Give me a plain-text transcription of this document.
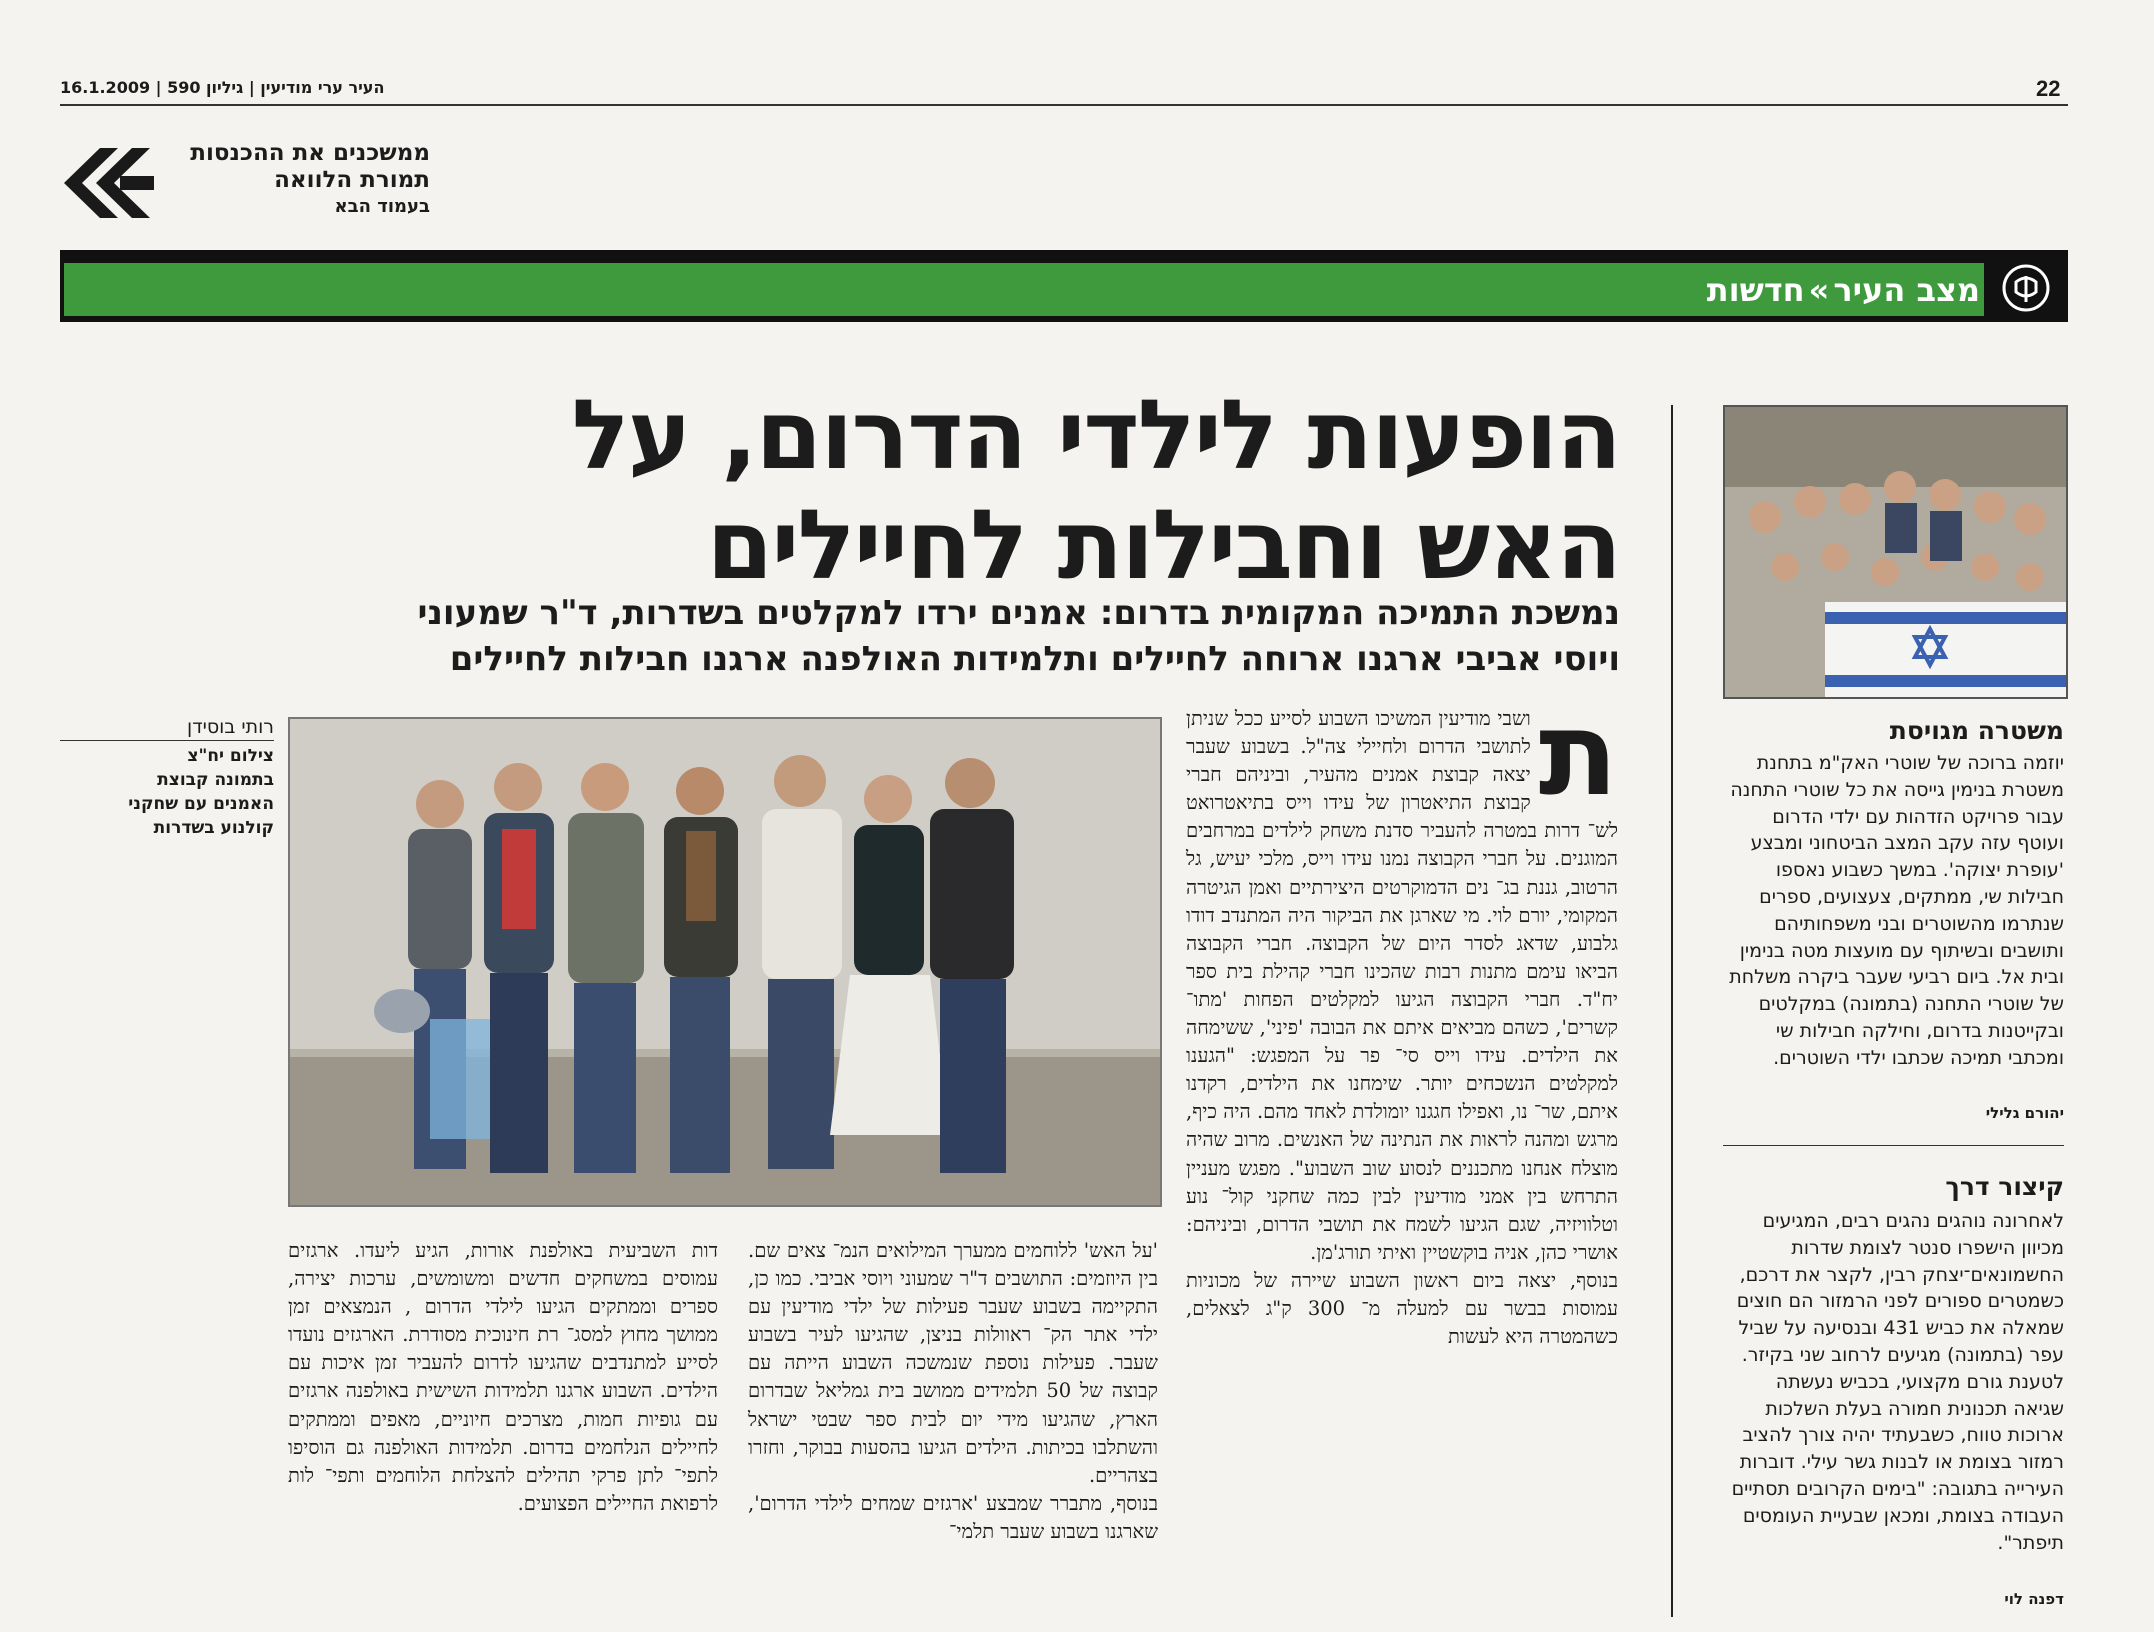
22
העיר ערי מודיעין | גיליון 590 | 16.1.2009
ממשכנים את ההכנסות
תמורת הלוואה
בעמוד הבא
מצב העיר»חדשות
הופעות לילדי הדרום, על
האש וחבילות לחיילים
נמשכת התמיכה המקומית בדרום: אמנים ירדו למקלטים בשדרות, ד"ר שמעוני
ויוסי אביבי ארגנו ארוחה לחיילים ותלמידות האולפנה ארגנו חבילות לחיילים
רותי בוסידן
צילום יח"צ
בתמונה קבוצת
האמנים עם שחקני
קולנוע בשדרות
ת

ושבי מודיעין המשיכו השבוע לסייע ככל שניתן לתושבי הדרום ולחיילי צה"ל. בשבוע שעבר יצאה קבוצת אמנים מהעיר, וביניהם חברי קבוצת התיאטרון של עידו וייס בתיאטרואט לש־ דרות במטרה להעביר סדנת משחק לילדים במרחבים המוגנים. על חברי הקבוצה נמנו עידו וייס, מלכי יעיש, גל הרטוב, גננת בג־ נים הדמוקרטים היצירתיים ואמן הגיטרה המקומי, יורם לוי. מי שארגן את הביקור היה המתנדב דודו גלבוע, שדאג לסדר היום של הקבוצה. חברי הקבוצה הביאו עימם מתנות רבות שהכינו חברי קהילת בית ספר יח"ד. חברי הקבוצה הגיעו למקלטים הפחות 'מתו־ קשרים', כשהם מביאים איתם את הבובה 'פיני', ששימחה את הילדים. עידו וייס סי־ פר על המפגש: "הגענו למקלטים הנשכחים יותר. שימחנו את הילדים, רקדנו איתם, שר־ נו, ואפילו חגגנו יומולדת לאחד מהם. היה כיף, מרגש ומהנה לראות את הנתינה של האנשים. מרוב שהיה מוצלח אנחנו מתכננים לנסוע שוב השבוע". מפגש מעניין התרחש בין אמני מודיעין לבין כמה שחקני קול־ נוע וטלוויזיה, שגם הגיעו לשמח את תושבי הדרום, וביניהם: אושרי כהן, אניה בוקשטיין ואיתי תורג'מן.

בנוסף, יצאה ביום ראשון השבוע שיירה של מכוניות עמוסות בבשר עם למעלה מ־ 300 ק"ג לצאלים, כשהמטרה היא לעשות

'על האש' ללוחמים ממערך המילואים הנמ־ צאים שם. בין היוזמים: התושבים ד"ר שמעוני ויוסי אביבי. כמו כן, התקיימה בשבוע שעבר פעילות של ילדי מודיעין עם ילדי אתר הק־ ראוולות בניצן, שהגיעו לעיר בשבוע שעבר. פעילות נוספת שנמשכה השבוע הייתה עם קבוצה של 50 תלמידים ממושב בית גמליאל שבדרום הארץ, שהגיעו מידי יום לבית ספר שבטי ישראל והשתלבו בכיתות. הילדים הגיעו בהסעות בבוקר, וחזרו בצהריים.

בנוסף, מתברר שמבצע 'ארגזים שמחים לילדי הדרום', שארגנו בשבוע שעבר תלמי־

דות השביעית באולפנת אורות, הגיע ליעדו. ארגזים עמוסים במשחקים חדשים ומשומשים, ערכות יצירה, ספרים וממתקים הגיעו לילדי הדרום , הנמצאים זמן ממושך מחוץ למסג־ רת חינוכית מסודרת. הארגזים נועדו לסייע למתנדבים שהגיעו לדרום להעביר זמן איכות עם הילדים. השבוע ארגנו תלמידות השישית באולפנה ארגזים עם גופיות חמות, מצרכים חיוניים, מאפים וממתקים לחיילים הנלחמים בדרום. תלמידות האולפנה גם הוסיפו לתפי־ לתן פרקי תהילים להצלחת הלוחמים ותפי־ לות לרפואת החיילים הפצועים.

משטרה מגויסת
יוזמה ברוכה של שוטרי האק"מ בתחנת משטרת בנימין גייסה את כל שוטרי התחנה עבור פרויקט הזדהות עם ילדי הדרום ועוטף עזה עקב המצב הביטחוני ומבצע 'עופרת יצוקה'. במשך כשבוע נאספו חבילות שי, ממתקים, צעצועים, ספרים שנתרמו מהשוטרים ובני משפחותיהם ותושבים ובשיתוף עם מועצות מטה בנימין ובית אל. ביום רביעי שעבר ביקרה משלחת של שוטרי התחנה (בתמונה) במקלטים ובקייטנות בדרום, וחילקה חבילות שי ומכתבי תמיכה שכתבו ילדי השוטרים.
יהורם גלילי
קיצור דרך
לאחרונה נוהגים נהגים רבים, המגיעים מכיוון הישפרו סנטר לצומת שדרות החשמונאים־יצחק רבין, לקצר את דרכם, כשמטרים ספורים לפני הרמזור הם חוצים שמאלה את כביש 431 ובנסיעה על שביל עפר (בתמונה) מגיעים לרחוב שני בקיזר. לטענת גורם מקצועי, בכביש נעשתה שגיאה תכנונית חמורה בעלת השלכות ארוכות טווח, כשבעתיד יהיה צורך להציב רמזור בצומת או לבנות גשר עילי. דוברות העירייה בתגובה: "בימים הקרובים תסתיים העבודה בצומת, ומכאן שבעיית העומסים תיפתר".
דפנה לוי
